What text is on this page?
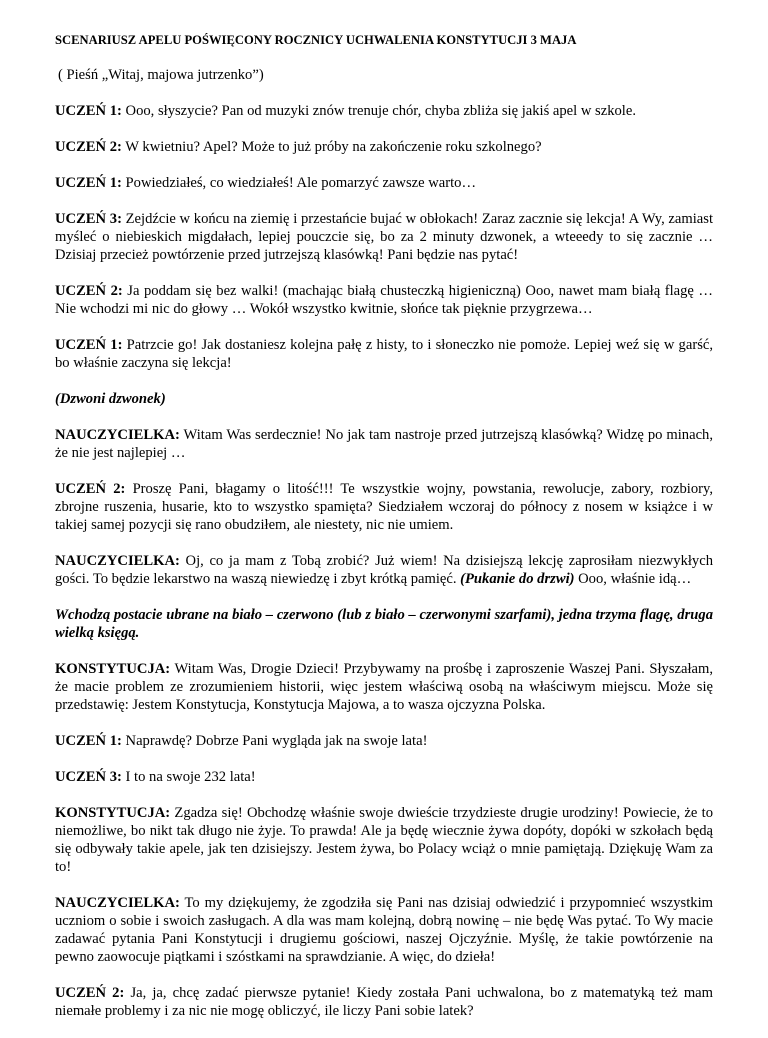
SCENARIUSZ APELU POŚWIĘCONY ROCZNICY UCHWALENIA KONSTYTUCJI 3 MAJA
( Pieśń „Witaj, majowa jutrzenko”)
UCZEŃ 1: Ooo, słyszycie? Pan od muzyki znów trenuje chór, chyba zbliża się jakiś apel w szkole.
UCZEŃ 2: W kwietniu? Apel? Może to już próby na zakończenie roku szkolnego?
UCZEŃ 1: Powiedziałeś, co wiedziałeś! Ale pomarzyć zawsze warto…
UCZEŃ 3: Zejdźcie w końcu na ziemię i przestańcie bujać w obłokach! Zaraz zacznie się lekcja! A Wy, zamiast myśleć o niebieskich migdałach, lepiej pouczcie się, bo za 2 minuty dzwonek, a wteeedy to się zacznie … Dzisiaj przecież powtórzenie przed jutrzejszą klasówką! Pani będzie nas pytać!
UCZEŃ 2: Ja poddam się bez walki! (machając białą chusteczką higieniczną) Ooo, nawet mam białą flagę … Nie wchodzi mi nic do głowy … Wokół wszystko kwitnie, słońce tak pięknie przygrzewa…
UCZEŃ 1: Patrzcie go! Jak dostaniesz kolejna pałę z histy, to i słoneczko nie pomoże. Lepiej weź się w garść, bo właśnie zaczyna się lekcja!
(Dzwoni dzwonek)
NAUCZYCIELKA: Witam Was serdecznie! No jak tam nastroje przed jutrzejszą klasówką? Widzę po minach, że nie jest najlepiej …
UCZEŃ 2: Proszę Pani, błagamy o litość!!! Te wszystkie wojny, powstania, rewolucje, zabory, rozbiory, zbrojne ruszenia, husarie, kto to wszystko spamięta? Siedziałem wczoraj do północy z nosem w książce i w takiej samej pozycji się rano obudziłem, ale niestety, nic nie umiem.
NAUCZYCIELKA: Oj, co ja mam z Tobą zrobić? Już wiem! Na dzisiejszą lekcję zaprosiłam niezwykłych gości. To będzie lekarstwo na waszą niewiedzę i zbyt krótką pamięć. (Pukanie do drzwi) Ooo, właśnie idą…
Wchodzą postacie ubrane na biało – czerwono (lub z biało – czerwonymi szarfami), jedna trzyma flagę, druga wielką księgą.
KONSTYTUCJA: Witam Was, Drogie Dzieci! Przybywamy na prośbę i zaproszenie Waszej Pani. Słyszałam, że macie problem ze zrozumieniem historii, więc jestem właściwą osobą na właściwym miejscu. Może się przedstawię: Jestem Konstytucja, Konstytucja Majowa, a to wasza ojczyzna Polska.
UCZEŃ 1: Naprawdę? Dobrze Pani wygląda jak na swoje lata!
UCZEŃ 3: I to na swoje 232 lata!
KONSTYTUCJA: Zgadza się! Obchodzę właśnie swoje dwieście trzydzieste drugie urodziny! Powiecie, że to niemożliwe, bo nikt tak długo nie żyje. To prawda! Ale ja będę wiecznie żywa dopóty, dopóki w szkołach będą się odbywały takie apele, jak ten dzisiejszy. Jestem żywa, bo Polacy wciąż o mnie pamiętają. Dziękuję Wam za to!
NAUCZYCIELKA: To my dziękujemy, że zgodziła się Pani nas dzisiaj odwiedzić i przypomnieć wszystkim uczniom o sobie i swoich zasługach. A dla was mam kolejną, dobrą nowinę – nie będę Was pytać. To Wy macie zadawać pytania Pani Konstytucji i drugiemu gościowi, naszej Ojczyźnie. Myślę, że takie powtórzenie na pewno zaowocuje piątkami i szóstkami na sprawdzianie. A więc, do dzieła!
UCZEŃ 2: Ja, ja, chcę zadać pierwsze pytanie! Kiedy została Pani uchwalona, bo z matematyką też mam niemałe problemy i za nic nie mogę obliczyć, ile liczy Pani sobie latek?
